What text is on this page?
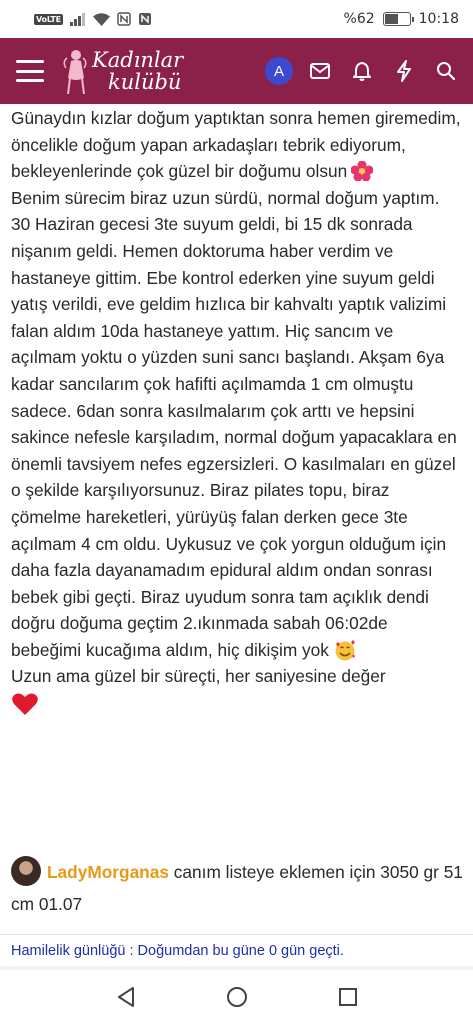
VoLTE	%62	10:18
Kadınlar
kulübü	A

Günaydın kızlar doğum yaptıktan sonra hemen giremedim, öncelikle doğum yapan arkadaşları tebrik ediyorum, bekleyenlerinde çok güzel bir doğumu olsun

Benim sürecim biraz uzun sürdü, normal doğum yaptım. 30 Haziran gecesi 3te suyum geldi, bi 15 dk sonrada nişanım geldi. Hemen doktoruma haber verdim ve hastaneye gittim. Ebe kontrol ederken yine suyum geldi yatış verildi, eve geldim hızlıca bir kahvaltı yaptık valizimi falan aldım 10da hastaneye yattım. Hiç sancım ve açılmam yoktu o yüzden suni sancı başlandı. Akşam 6ya kadar sancılarım çok hafifti açılmamda 1 cm olmuştu sadece. 6dan sonra kasılmalarım çok arttı ve hepsini sakince nefesle karşıladım, normal doğum yapacaklara en önemli tavsiyem nefes egzersizleri. O kasılmaları en güzel o şekilde karşılıyorsunuz. Biraz pilates topu, biraz çömelme hareketleri, yürüyüş falan derken gece 3te açılmam 4 cm oldu. Uykusuz ve çok yorgun olduğum için daha fazla dayanamadım epidural aldım ondan sonrası bebek gibi geçti. Biraz uyudum sonra tam açıklık dendi doğru doğuma geçtim 2.ıkınmada sabah 06:02de bebeğimi kucağıma aldım, hiç dikişim yok

Uzun ama güzel bir süreçti, her saniyesine değer

LadyMorganas canım listeye eklemen için 3050 gr 51 cm 01.07
Hamilelik günlüğü : Doğumdan bu güne 0 gün geçti.
